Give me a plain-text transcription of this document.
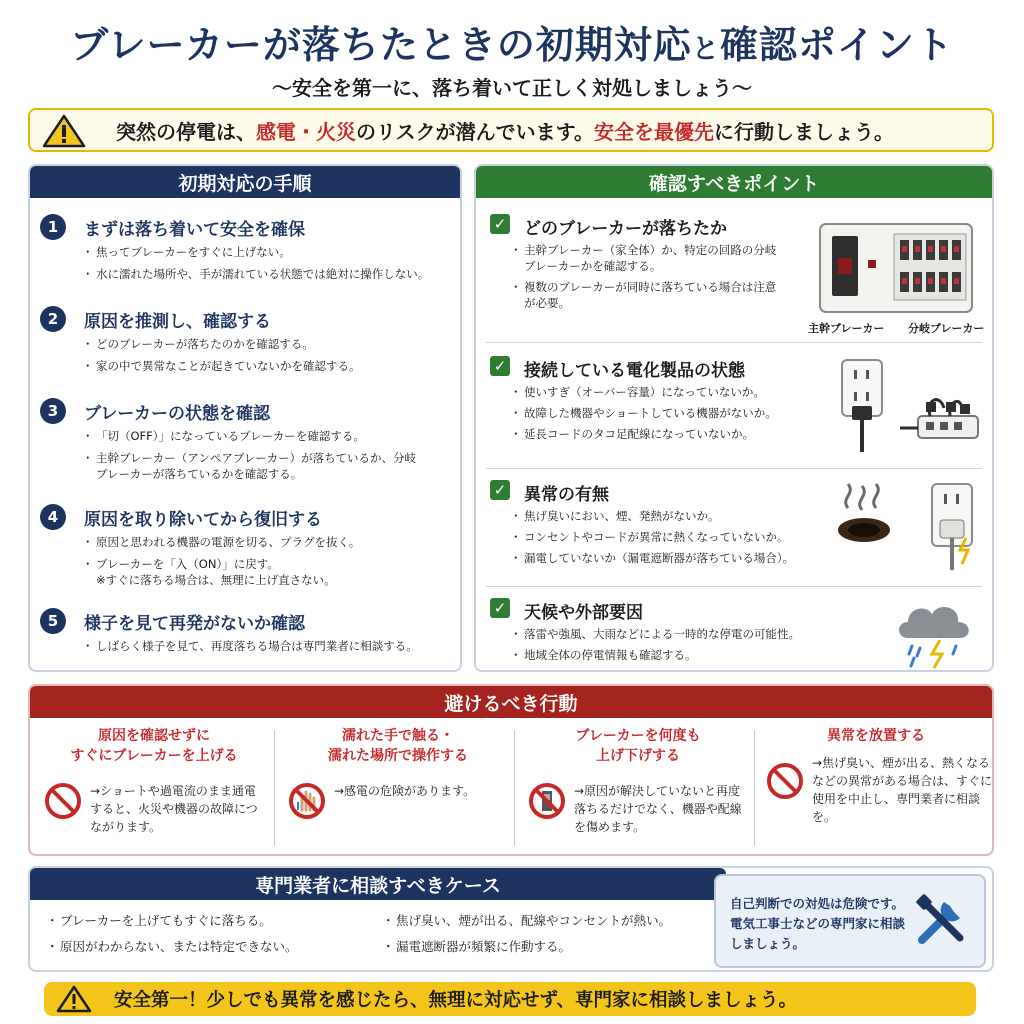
ブレーカーが落ちたときの初期対応と確認ポイント
〜安全を第一に、落ち着いて正しく対処しましょう〜
突然の停電は、感電・火災のリスクが潜んでいます。安全を最優先に行動しましょう。
初期対応の手順
1	まずは落ち着いて安全を確保
・ 焦ってブレーカーをすぐに上げない。
・ 水に濡れた場所や、手が濡れている状態では絶対に操作しない。
2	原因を推測し、確認する
・ どのブレーカーが落ちたのかを確認する。
・ 家の中で異常なことが起きていないかを確認する。
3	ブレーカーの状態を確認
・ 「切（OFF）」になっているブレーカーを確認する。
・ 主幹ブレーカー（アンペアブレーカー）が落ちているか、分岐ブレーカーが落ちているかを確認する。
4	原因を取り除いてから復旧する
・ 原因と思われる機器の電源を切る、プラグを抜く。
・ ブレーカーを「入（ON）」に戻す。
※すぐに落ちる場合は、無理に上げ直さない。
5	様子を見て再発がないか確認
・ しばらく様子を見て、再度落ちる場合は専門業者に相談する。
確認すべきポイント
✓ どのブレーカーが落ちたか
・ 主幹ブレーカー（家全体）か、特定の回路の分岐ブレーカーかを確認する。
・ 複数のブレーカーが同時に落ちている場合は注意が必要。
主幹ブレーカー 分岐ブレーカー
✓ 接続している電化製品の状態
・ 使いすぎ（オーバー容量）になっていないか。
・ 故障した機器やショートしている機器がないか。
・ 延長コードのタコ足配線になっていないか。
✓ 異常の有無
・ 焦げ臭いにおい、煙、発熱がないか。
・ コンセントやコードが異常に熱くなっていないか。
・ 漏電していないか（漏電遮断器が落ちている場合）。
✓ 天候や外部要因
・ 落雷や強風、大雨などによる一時的な停電の可能性。
・ 地域全体の停電情報も確認する。
避けるべき行動
原因を確認せずに
すぐにブレーカーを上げる
→ショートや過電流のまま通電すると、火災や機器の故障につながります。
濡れた手で触る・
濡れた場所で操作する
→感電の危険があります。
ブレーカーを何度も
上げ下げする
→原因が解決していないと再度落ちるだけでなく、機器や配線を傷めます。
異常を放置する
→焦げ臭い、煙が出る、熱くなるなどの異常がある場合は、すぐに使用を中止し、専門業者に相談を。
専門業者に相談すべきケース
・ ブレーカーを上げてもすぐに落ちる。
・ 原因がわからない、または特定できない。
・ 焦げ臭い、煙が出る、配線やコンセントが熱い。
・ 漏電遮断器が頻繁に作動する。
自己判断での対処は危険です。電気工事士などの専門家に相談しましょう。
安全第一！少しでも異常を感じたら、無理に対応せず、専門家に相談しましょう。
